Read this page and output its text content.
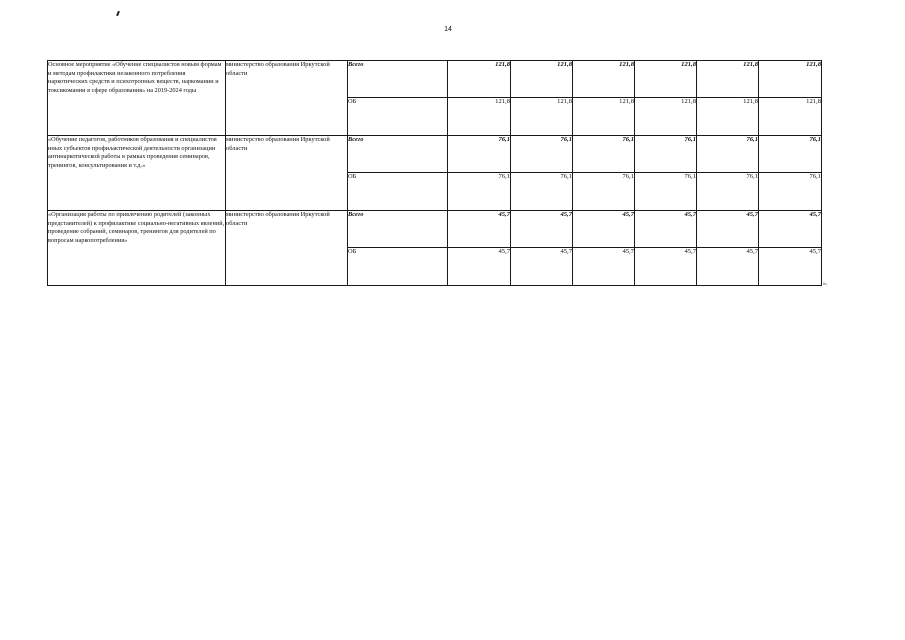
14
Основное мероприятие «Обучение специалистов новым формам и методам профилактики незаконного потребления наркотических средств и психотропных веществ, наркомании и токсикомании в сфере образования» на 2019-2024 годы	министерство образования Иркутской области	Всего	121,8	121,8	121,8	121,8	121,8	121,8
		ОБ	121,8	121,8	121,8	121,8	121,8	121,8
«Обучение педагогов, работников образования и специалистов иных субъектов профилактической деятельности организации антинаркотической работы в рамках проведения семинаров, тренингов, консультирования и т.д.»	министерство образования Иркутской области	Всего	76,1	76,1	76,1	76,1	76,1	76,1
		ОБ	76,1	76,1	76,1	76,1	76,1	76,1
«Организация работы по привлечению родителей (законных представителей) к профилактике социально-негативных явлений, проведение собраний, семинаров, тренингов для родителей по вопросам наркопотребления»	министерство образования Иркутской области	Всего	45,7	45,7	45,7	45,7	45,7	45,7
		ОБ	45,7	45,7	45,7	45,7	45,7	45,7
».
